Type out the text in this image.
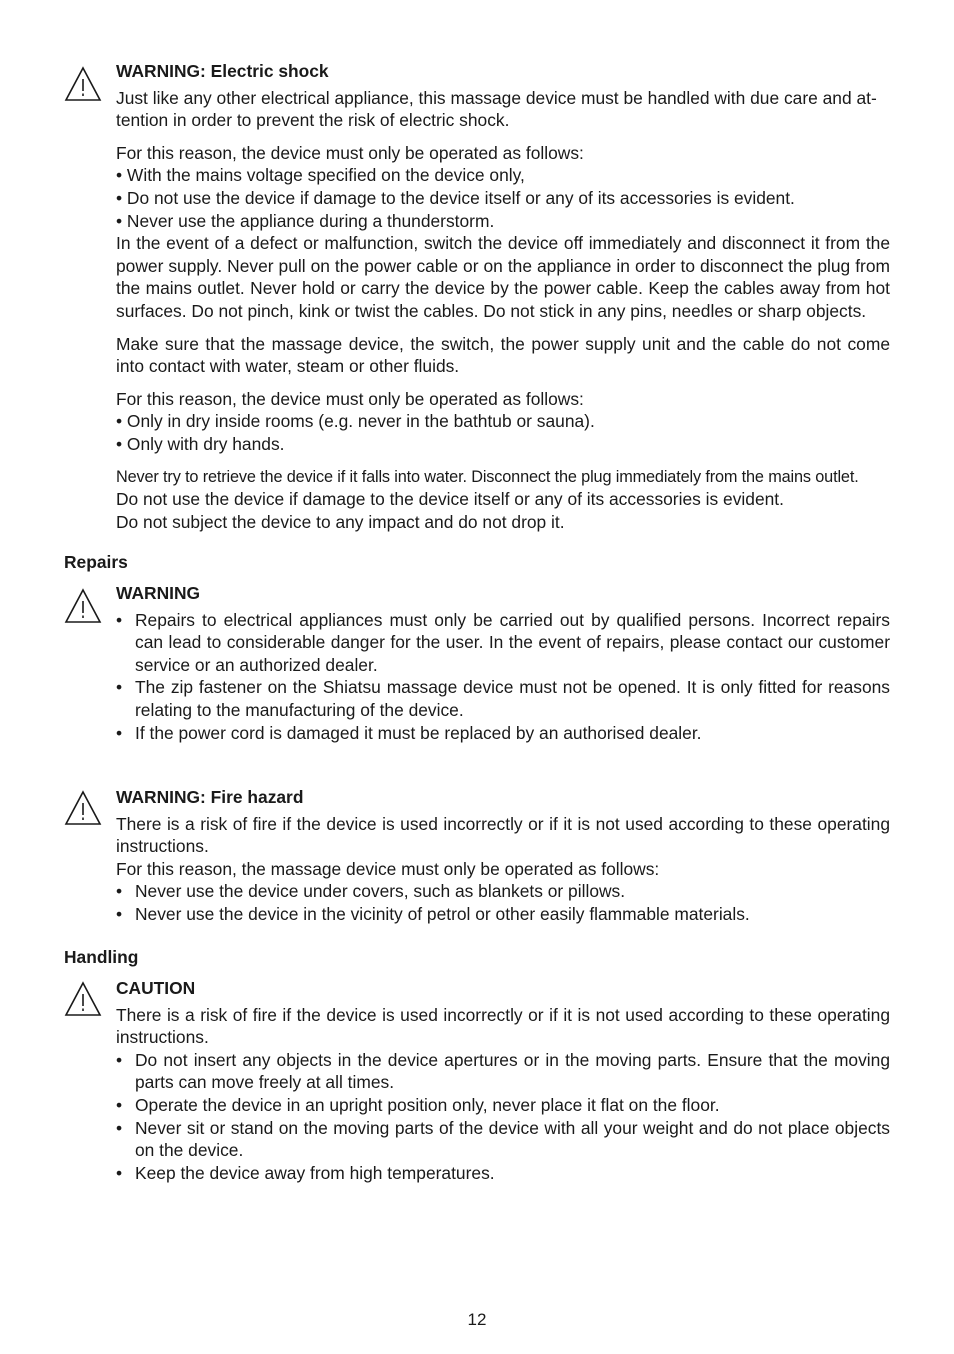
WARNING: Electric shock

Just like any other electrical appliance, this massage device must be handled with due care and at-
tention in order to prevent the risk of electric shock.

For this reason, the device must only be operated as follows:

• With the mains voltage specified on the device only,
• Do not use the device if damage to the device itself or any of its accessories is evident.
• Never use the appliance during a thunderstorm.

In the event of a defect or malfunction, switch the device off immediately and disconnect it from the power supply. Never pull on the power cable or on the appliance in order to disconnect the plug from the mains outlet. Never hold or carry the device by the power cable. Keep the cables away from hot surfaces. Do not pinch, kink or twist the cables. Do not stick in any pins, needles or sharp objects.

Make sure that the massage device, the switch, the power supply unit and the cable do not come into contact with water, steam or other fluids.

For this reason, the device must only be operated as follows:

• Only in dry inside rooms (e.g. never in the bathtub or sauna).
• Only with dry hands.

Never try to retrieve the device if it falls into water. Disconnect the plug immediately from the mains outlet.
Do not use the device if damage to the device itself or any of its accessories is evident.
Do not subject the device to any impact and do not drop it.

Repairs
WARNING
• Repairs to electrical appliances must only be carried out by qualified persons. Incorrect repairs can lead to considerable danger for the user. In the event of repairs, please contact our customer service or an authorized dealer.
• The zip fastener on the Shiatsu massage device must not be opened. It is only fitted for reasons relating to the manufacturing of the device.
• If the power cord is damaged it must be replaced by an authorised dealer.
WARNING: Fire hazard

There is a risk of fire if the device is used incorrectly or if it is not used according to these operating instructions.

For this reason, the massage device must only be operated as follows:

• Never use the device under covers, such as blankets or pillows.
• Never use the device in the vicinity of petrol or other easily flammable materials.
Handling
CAUTION

There is a risk of fire if the device is used incorrectly or if it is not used according to these operating instructions.

• Do not insert any objects in the device apertures or in the moving parts. Ensure that the moving parts can move freely at all times.
• Operate the device in an upright position only, never place it flat on the floor.
• Never sit or stand on the moving parts of the device with all your weight and do not place objects on the device.
• Keep the device away from high temperatures.
12
